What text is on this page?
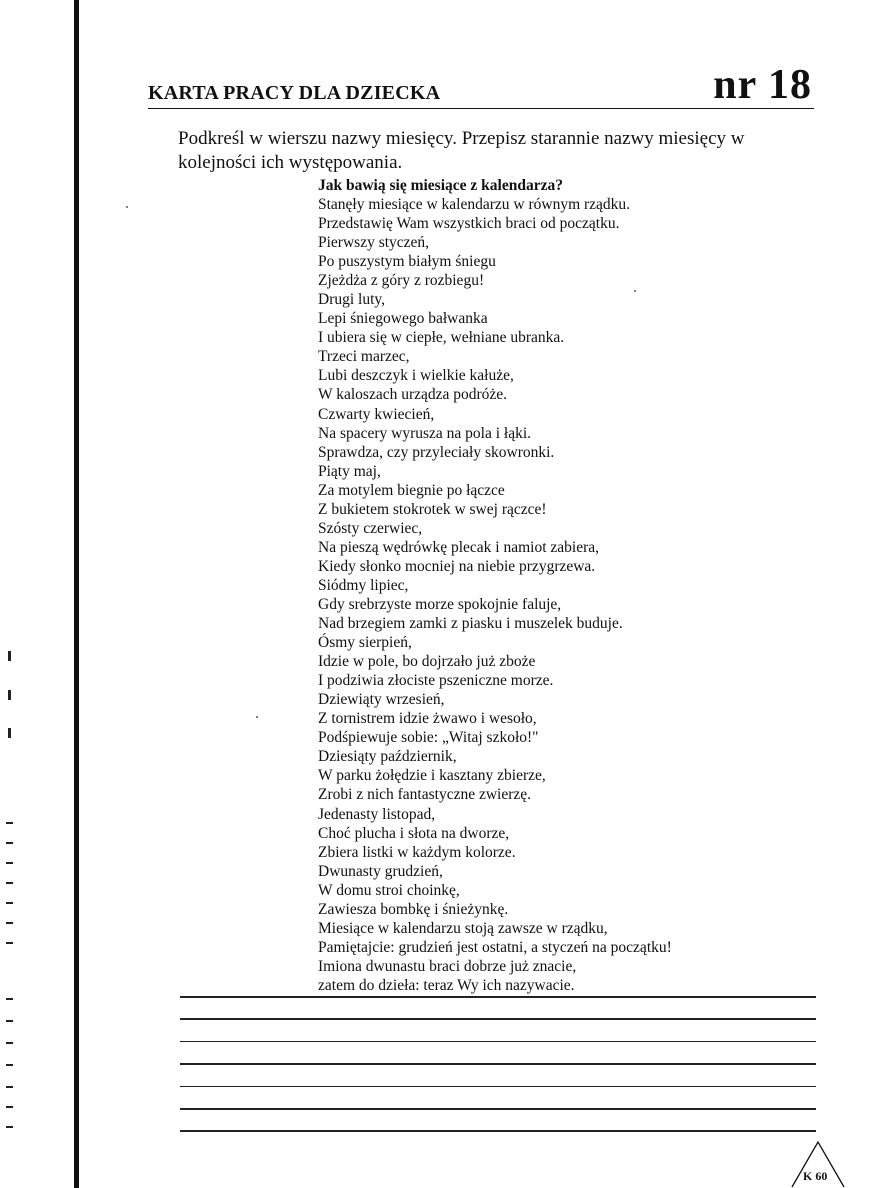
KARTA PRACY DLA DZIECKA	nr 18
Podkreśl w wierszu nazwy miesięcy. Przepisz starannie nazwy miesięcy w kolejności ich występowania.
Jak bawią się miesiące z kalendarza?
Stanęły miesiące w kalendarzu w równym rządku.
Przedstawię Wam wszystkich braci od początku.
Pierwszy styczeń,
Po puszystym białym śniegu
Zjeżdża z góry z rozbiegu!
Drugi luty,
Lepi śniegowego bałwanka
I ubiera się w ciepłe, wełniane ubranka.
Trzeci marzec,
Lubi deszczyk i wielkie kałuże,
W kaloszach urządza podróże.
Czwarty kwiecień,
Na spacery wyrusza na pola i łąki.
Sprawdza, czy przyleciały skowronki.
Piąty maj,
Za motylem biegnie po łączce
Z bukietem stokrotek w swej rączce!
Szósty czerwiec,
Na pieszą wędrówkę plecak i namiot zabiera,
Kiedy słonko mocniej na niebie przygrzewa.
Siódmy lipiec,
Gdy srebrzyste morze spokojnie faluje,
Nad brzegiem zamki z piasku i muszelek buduje.
Ósmy sierpień,
Idzie w pole, bo dojrzało już zboże
I podziwia złociste pszeniczne morze.
Dziewiąty wrzesień,
Z tornistrem idzie żwawo i wesoło,
Podśpiewuje sobie: „Witaj szkoło!"
Dziesiąty październik,
W parku żołędzie i kasztany zbierze,
Zrobi z nich fantastyczne zwierzę.
Jedenasty listopad,
Choć plucha i słota na dworze,
Zbiera listki w każdym kolorze.
Dwunasty grudzień,
W domu stroi choinkę,
Zawiesza bombkę i śnieżynkę.
Miesiące w kalendarzu stoją zawsze w rządku,
Pamiętajcie: grudzień jest ostatni, a styczeń na początku!
Imiona dwunastu braci dobrze już znacie,
zatem do dzieła: teraz Wy ich nazywacie.
K 60
